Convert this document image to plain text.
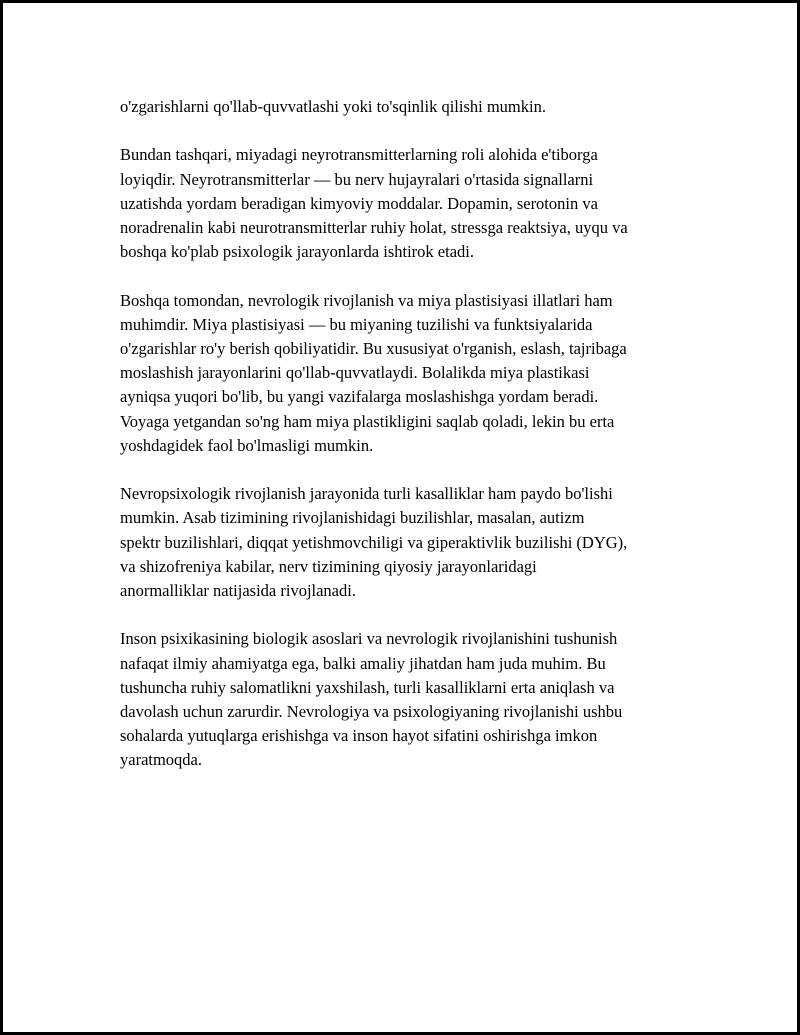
o'zgarishlarni qo'llab-quvvatlashi yoki to'sqinlik qilishi mumkin.

Bundan tashqari, miyadagi neyrotransmitterlarning roli alohida e'tiborga
loyiqdir. Neyrotransmitterlar — bu nerv hujayralari o'rtasida signallarni
uzatishda yordam beradigan kimyoviy moddalar. Dopamin, serotonin va
noradrenalin kabi neurotransmitterlar ruhiy holat, stressga reaktsiya, uyqu va
boshqa ko'plab psixologik jarayonlarda ishtirok etadi.

Boshqa tomondan, nevrologik rivojlanish va miya plastisiyasi illatlari ham
muhimdir. Miya plastisiyasi — bu miyaning tuzilishi va funktsiyalarida
o'zgarishlar ro'y berish qobiliyatidir. Bu xususiyat o'rganish, eslash, tajribaga
moslashish jarayonlarini qo'llab-quvvatlaydi. Bolalikda miya plastikasi
ayniqsa yuqori bo'lib, bu yangi vazifalarga moslashishga yordam beradi.
Voyaga yetgandan so'ng ham miya plastikligini saqlab qoladi, lekin bu erta
yoshdagidek faol bo'lmasligi mumkin.

Nevropsixologik rivojlanish jarayonida turli kasalliklar ham paydo bo'lishi
mumkin. Asab tizimining rivojlanishidagi buzilishlar, masalan, autizm
spektr buzilishlari, diqqat yetishmovchiligi va giperaktivlik buzilishi (DYG),
va shizofreniya kabilar, nerv tizimining qiyosiy jarayonlaridagi
anormalliklar natijasida rivojlanadi.

Inson psixikasining biologik asoslari va nevrologik rivojlanishini tushunish
nafaqat ilmiy ahamiyatga ega, balki amaliy jihatdan ham juda muhim. Bu
tushuncha ruhiy salomatlikni yaxshilash, turli kasalliklarni erta aniqlash va
davolash uchun zarurdir. Nevrologiya va psixologiyaning rivojlanishi ushbu
sohalarda yutuqlarga erishishga va inson hayot sifatini oshirishga imkon
yaratmoqda.
